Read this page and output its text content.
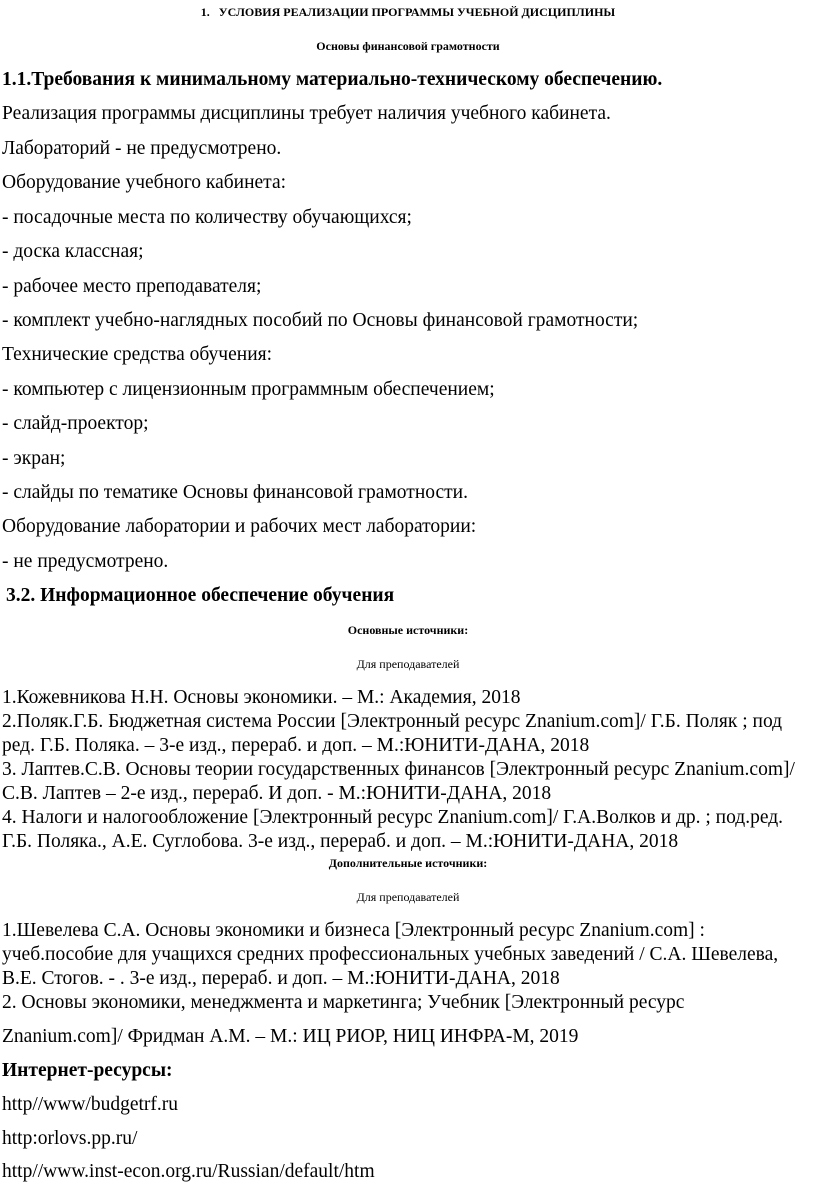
1. УСЛОВИЯ РЕАЛИЗАЦИИ ПРОГРАММЫ УЧЕБНОЙ ДИСЦИПЛИНЫ
Основы финансовой грамотности
1.1.Требования к минимальному материально-техническому обеспечению.
Реализация программы дисциплины требует наличия учебного кабинета.
Лабораторий - не предусмотрено.
Оборудование учебного кабинета:
- посадочные места по количеству обучающихся;
- доска классная;
- рабочее место преподавателя;
- комплект учебно-наглядных пособий по Основы финансовой грамотности;
Технические средства обучения:
- компьютер с лицензионным программным обеспечением;
- слайд-проектор;
- экран;
- слайды по тематике Основы финансовой грамотности.
Оборудование лаборатории и рабочих мест лаборатории:
- не предусмотрено.
3.2. Информационное обеспечение обучения
Основные источники:
Для преподавателей
1.Кожевникова Н.Н. Основы экономики. – М.: Академия, 2018
2.Поляк.Г.Б. Бюджетная система России [Электронный ресурс Znanium.com]/ Г.Б. Поляк ; под
ред. Г.Б. Поляка. – 3-е изд., перераб. и доп. – М.:ЮНИТИ-ДАНА, 2018
3. Лаптев.С.В. Основы теории государственных финансов [Электронный ресурс Znanium.com]/
С.В. Лаптев – 2-е изд., перераб. И доп. - М.:ЮНИТИ-ДАНА, 2018
4. Налоги и налогообложение [Электронный ресурс Znanium.com]/ Г.А.Волков и др. ; под.ред.
Г.Б. Поляка., А.Е. Суглобова. 3-е изд., перераб. и доп. – М.:ЮНИТИ-ДАНА, 2018
Дополнительные источники:
Для преподавателей
1.Шевелева С.А. Основы экономики и бизнеса [Электронный ресурс Znanium.com] :
учеб.пособие для учащихся средних профессиональных учебных заведений / С.А. Шевелева,
В.Е. Стогов. - . 3-е изд., перераб. и доп. – М.:ЮНИТИ-ДАНА, 2018
2. Основы экономики, менеджмента и маркетинга; Учебник [Электронный ресурс
Znanium.com]/ Фридман А.М. – М.: ИЦ РИОР, НИЦ ИНФРА-М, 2019
Интернет-ресурсы:
http//www/budgetrf.ru
http:orlovs.pp.ru/
http//www.inst-econ.org.ru/Russian/default/htm
